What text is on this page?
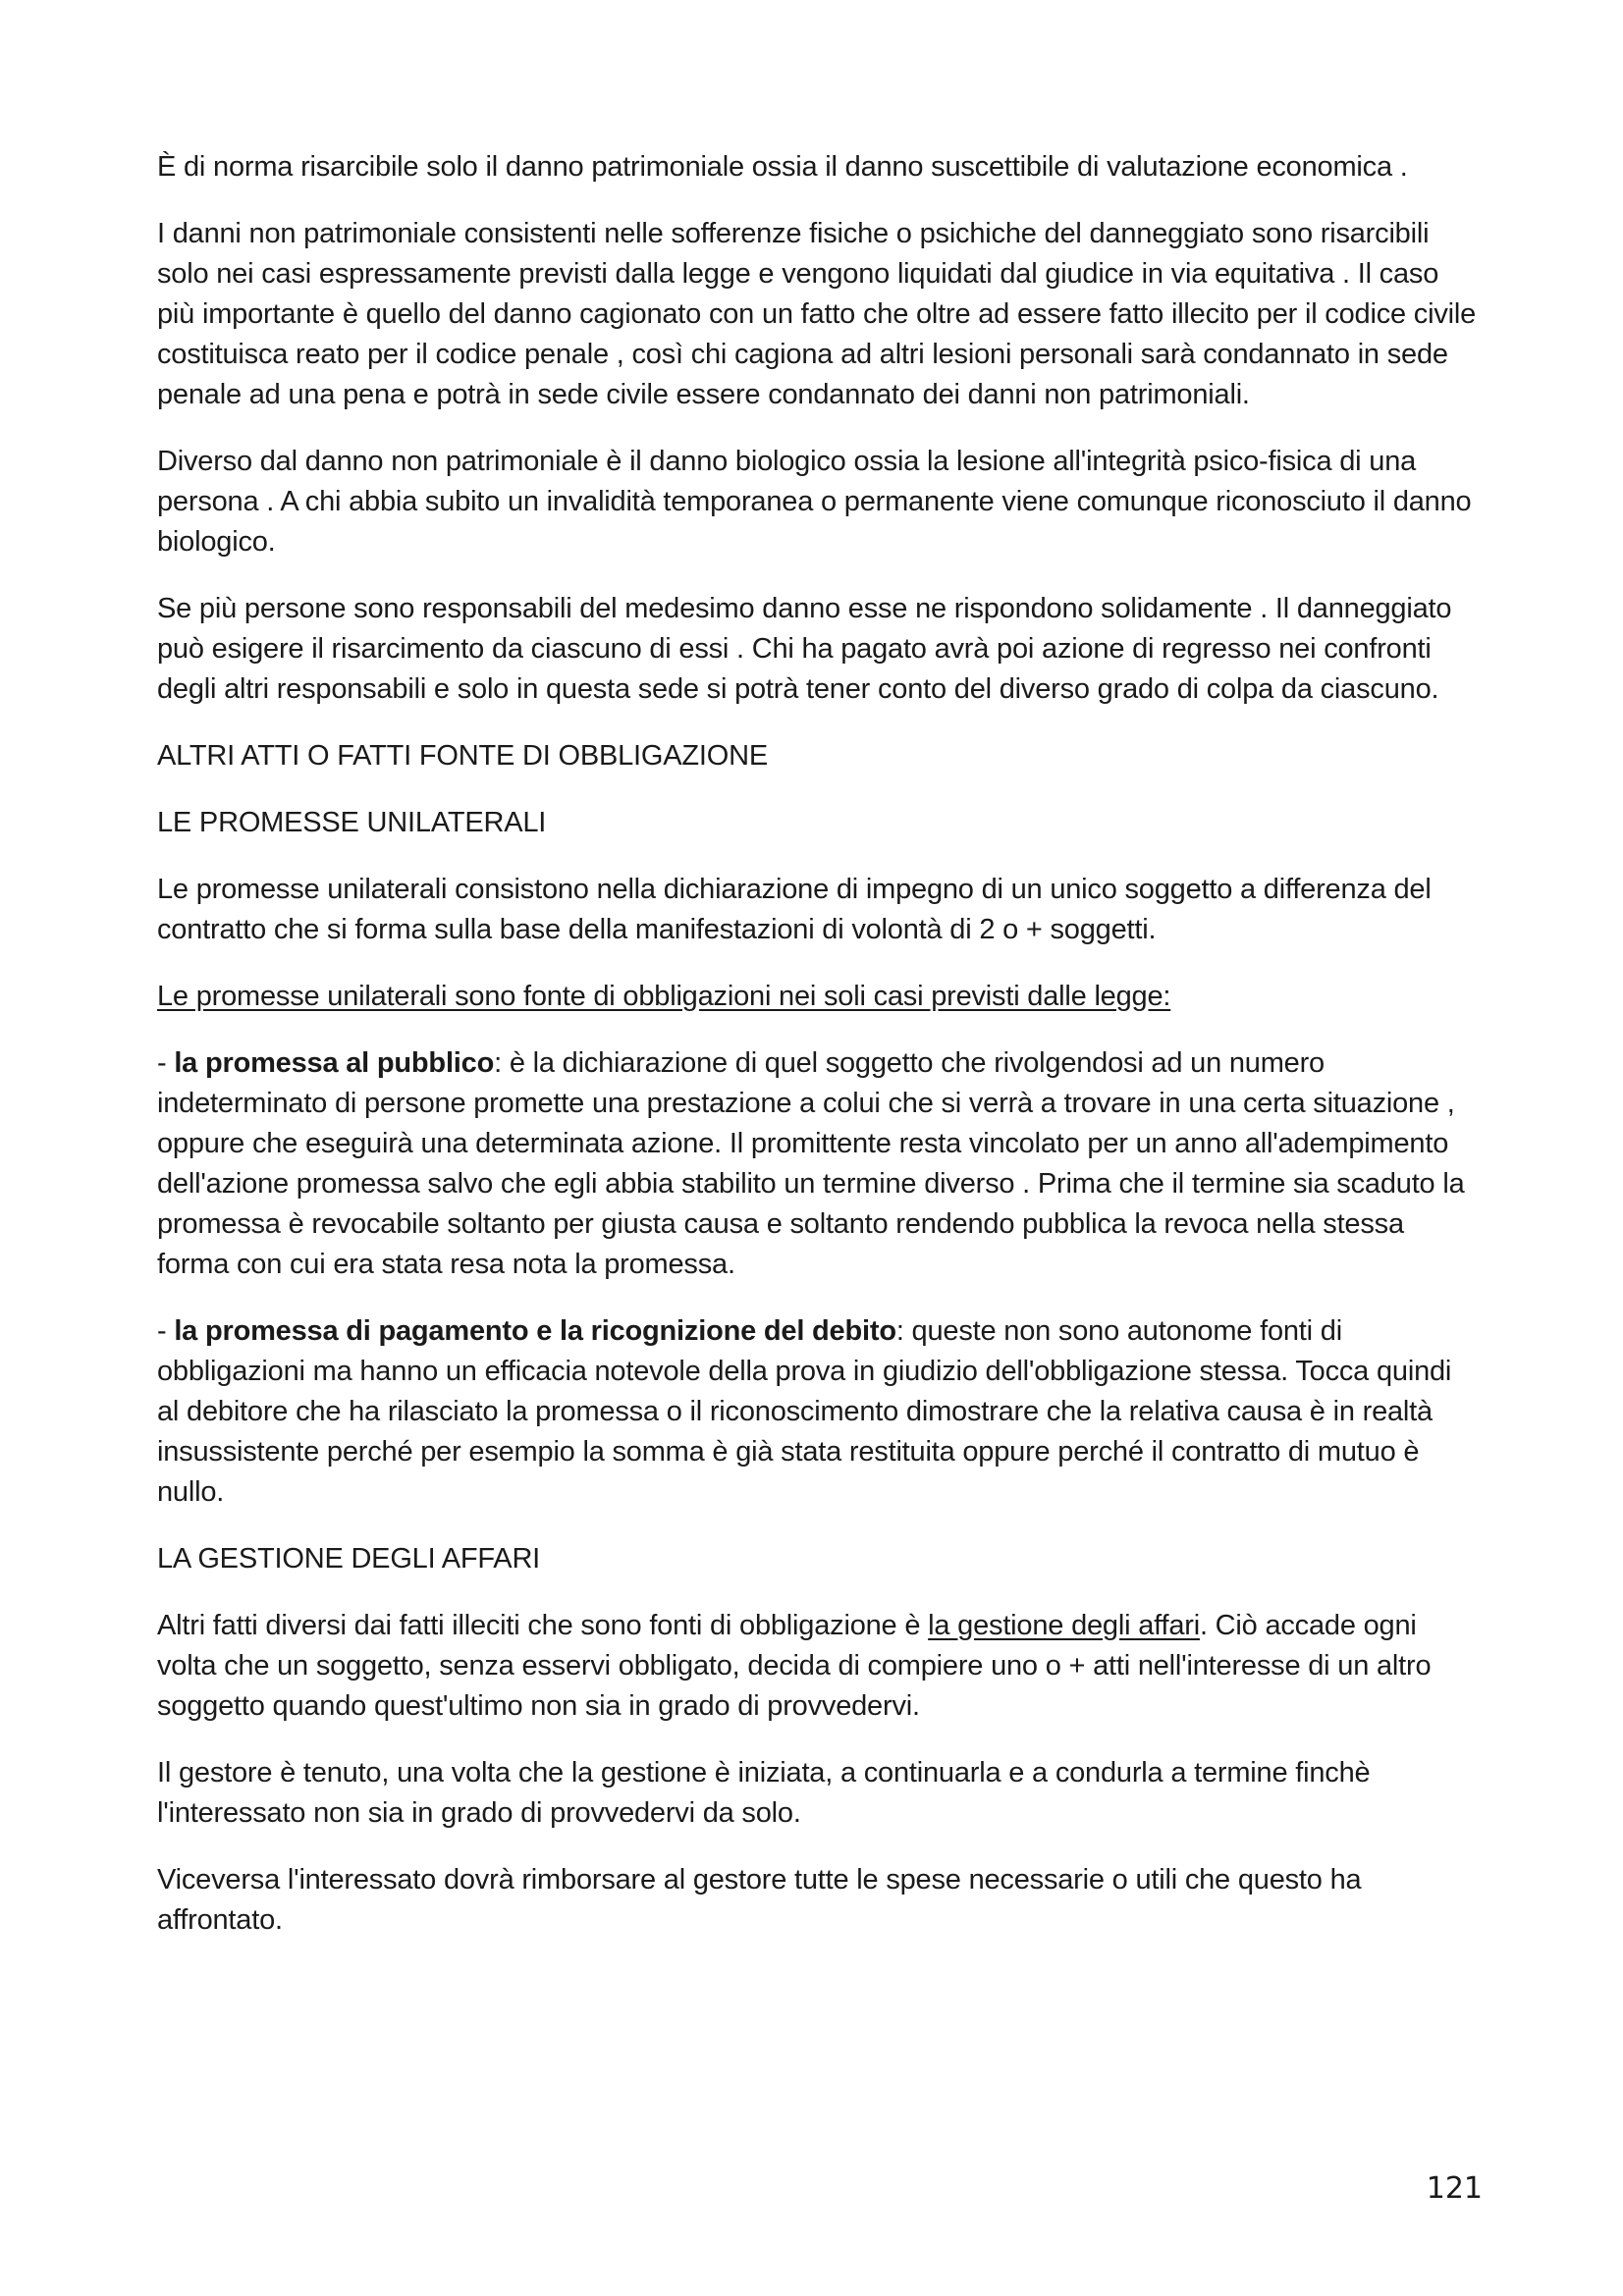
È di norma risarcibile solo il danno patrimoniale ossia il danno suscettibile di valutazione economica .

I danni non patrimoniale consistenti nelle sofferenze fisiche o psichiche del danneggiato sono risarcibili solo nei casi espressamente previsti dalla legge e vengono liquidati dal giudice in via equitativa . Il caso più importante è quello del danno cagionato con un fatto che oltre ad essere fatto illecito per il codice civile costituisca reato per il codice penale , così chi cagiona ad altri lesioni personali sarà condannato in sede penale ad una pena e potrà in sede civile essere condannato dei danni non patrimoniali.

Diverso dal danno non patrimoniale è il danno biologico ossia la lesione all'integrità psico-fisica di una persona . A chi abbia subito un invalidità temporanea o permanente viene comunque riconosciuto il danno biologico.

Se più persone sono responsabili del medesimo danno esse ne rispondono solidamente . Il danneggiato può esigere il risarcimento da ciascuno di essi . Chi ha pagato avrà poi azione di regresso nei confronti degli altri responsabili e solo in questa sede si potrà tener conto del diverso grado di colpa da ciascuno.

ALTRI ATTI O FATTI FONTE DI OBBLIGAZIONE

LE PROMESSE UNILATERALI

Le promesse unilaterali consistono nella dichiarazione di impegno di un unico soggetto a differenza del contratto che si forma sulla base della manifestazioni di volontà di 2 o + soggetti.

Le promesse unilaterali sono fonte di obbligazioni nei soli casi previsti dalle legge:

- la promessa al pubblico: è la dichiarazione di quel soggetto che rivolgendosi ad un numero indeterminato di persone promette una prestazione a colui che si verrà a trovare in una certa situazione , oppure che eseguirà una determinata azione. Il promittente resta vincolato per un anno all'adempimento dell'azione promessa salvo che egli abbia stabilito un termine diverso . Prima che il termine sia scaduto la promessa è revocabile soltanto per giusta causa e soltanto rendendo pubblica la revoca nella stessa forma con cui era stata resa nota la promessa.

- la promessa di pagamento e la ricognizione del debito: queste non sono autonome fonti di obbligazioni ma hanno un efficacia notevole della prova in giudizio dell'obbligazione stessa. Tocca quindi al debitore che ha rilasciato la promessa o il riconoscimento dimostrare che la relativa causa è in realtà insussistente perché per esempio la somma è già stata restituita oppure perché il contratto di mutuo è nullo.

LA GESTIONE DEGLI AFFARI

Altri fatti diversi dai fatti illeciti che sono fonti di obbligazione è la gestione degli affari. Ciò accade ogni volta che un soggetto, senza esservi obbligato, decida di compiere uno o + atti nell'interesse di un altro soggetto quando quest'ultimo non sia in grado di provvedervi.

Il gestore è tenuto, una volta che la gestione è iniziata, a continuarla e a condurla a termine finchè l'interessato non sia in grado di provvedervi da solo.

Viceversa l'interessato dovrà rimborsare al gestore tutte le spese necessarie o utili che questo ha affrontato.

121
